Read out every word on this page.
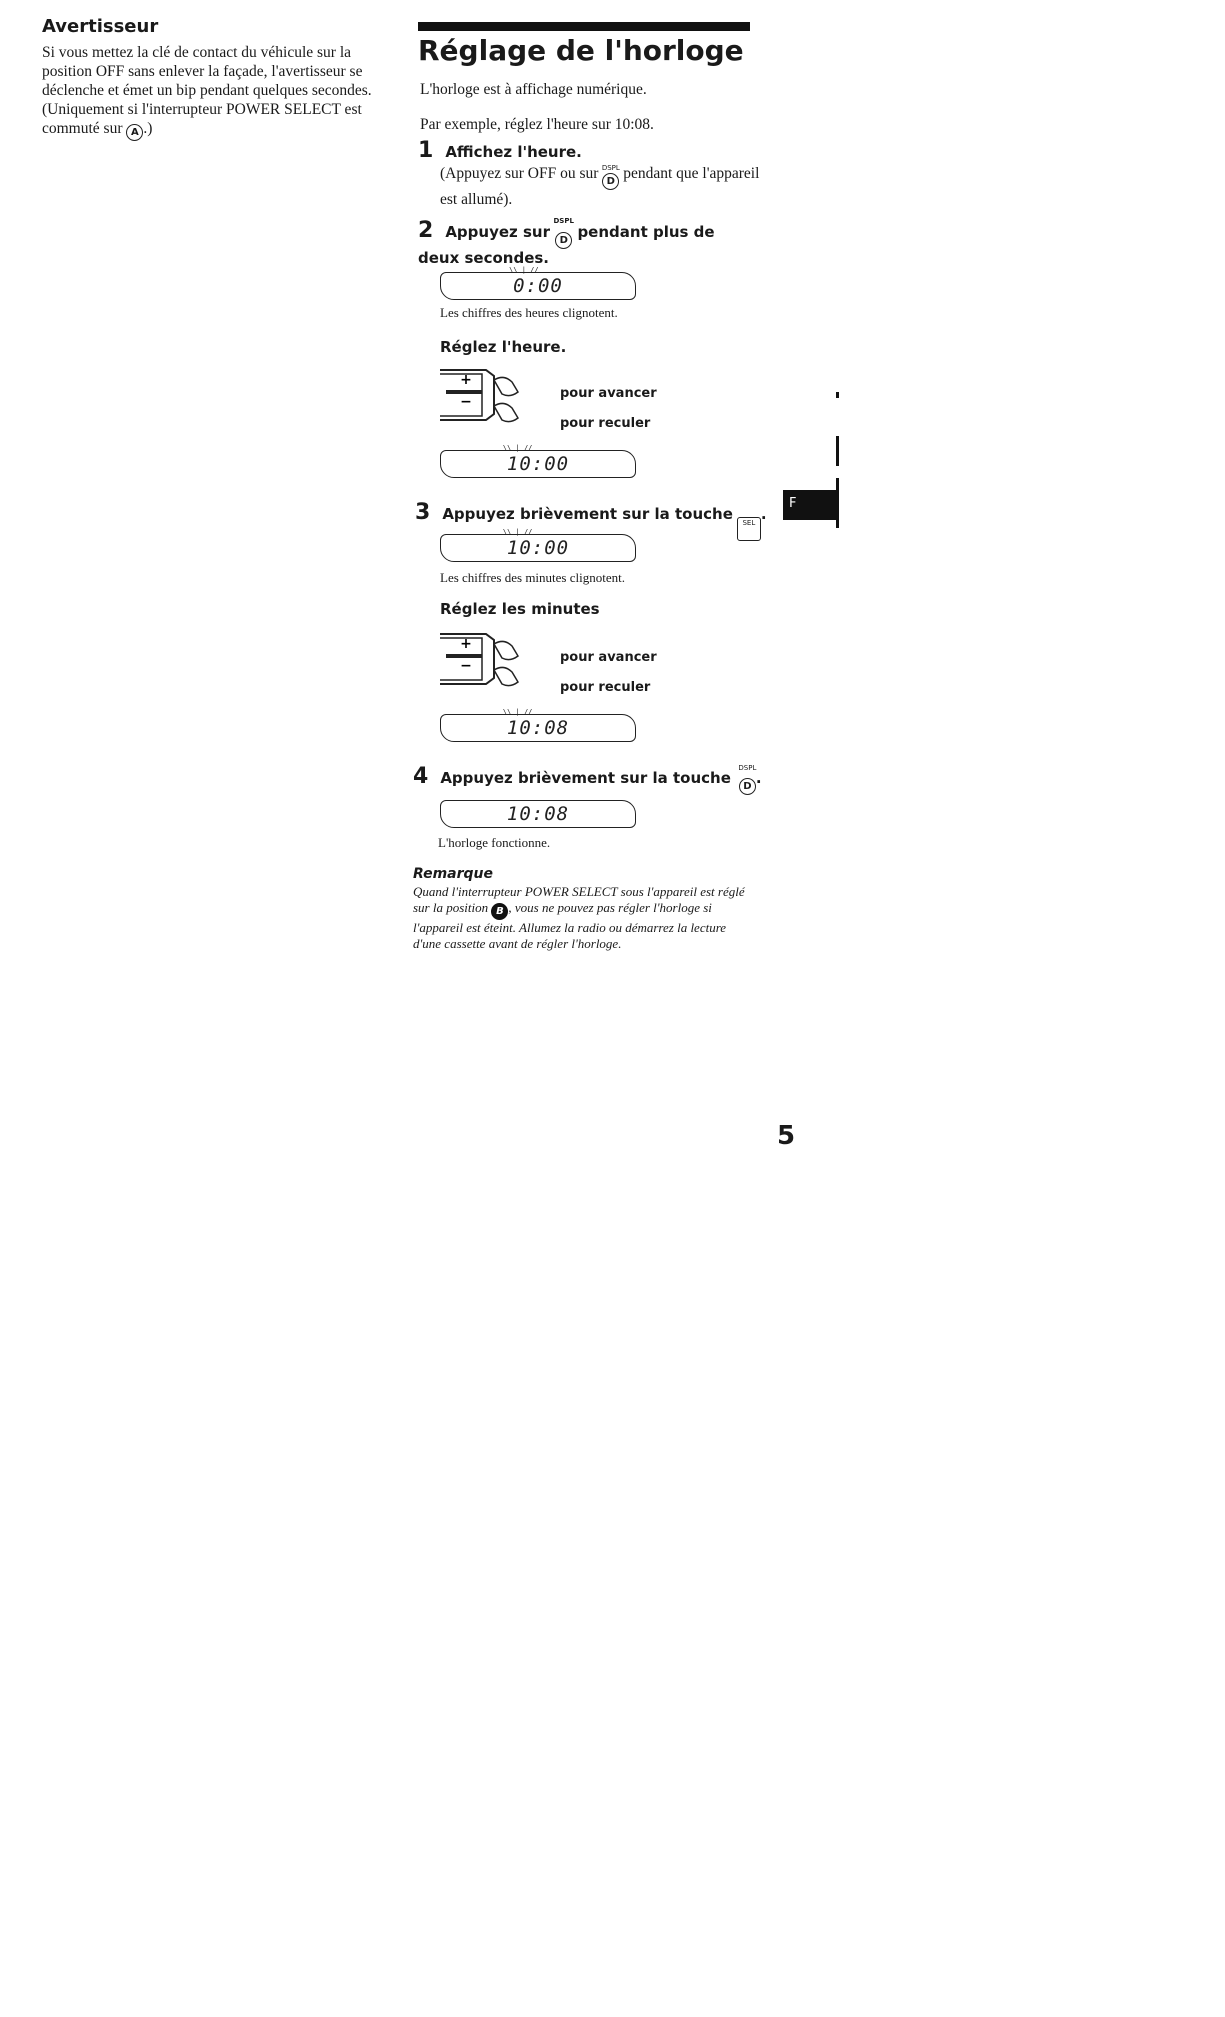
Avertisseur

Si vous mettez la clé de contact du véhicule sur la position OFF sans enlever la façade, l'avertisseur se déclenche et émet un bip pendant quelques secondes. (Uniquement si l'interrupteur POWER SELECT est commuté sur A .)

Réglage de l'horloge
L'horloge est à affichage numérique.
Par exemple, réglez l'heure sur 10:08.
1 Affichez l'heure.
(Appuyez sur OFF ou sur DSPL
D pendant que l'appareil est allumé).
2 Appuyez sur
DSPL
D pendant plus de deux secondes.
\\ | // 0:00
Les chiffres des heures clignotent.
Réglez l'heure.
+
−
pour avancer
pour reculer
\\ | // 10:00
3 Appuyez brièvement sur la touche SEL .
\\ | // 10:00
Les chiffres des minutes clignotent.
Réglez les minutes
+
−
pour avancer
pour reculer
\\ | // 10:08
4 Appuyez brièvement sur la touche
DSPL
D .
10:08
L'horloge fonctionne.
Remarque
Quand l'interrupteur POWER SELECT sous l'appareil est réglé sur la position B , vous ne pouvez pas régler l'horloge si l'appareil est éteint. Allumez la radio ou démarrez la lecture d'une cassette avant de régler l'horloge.
F
5
